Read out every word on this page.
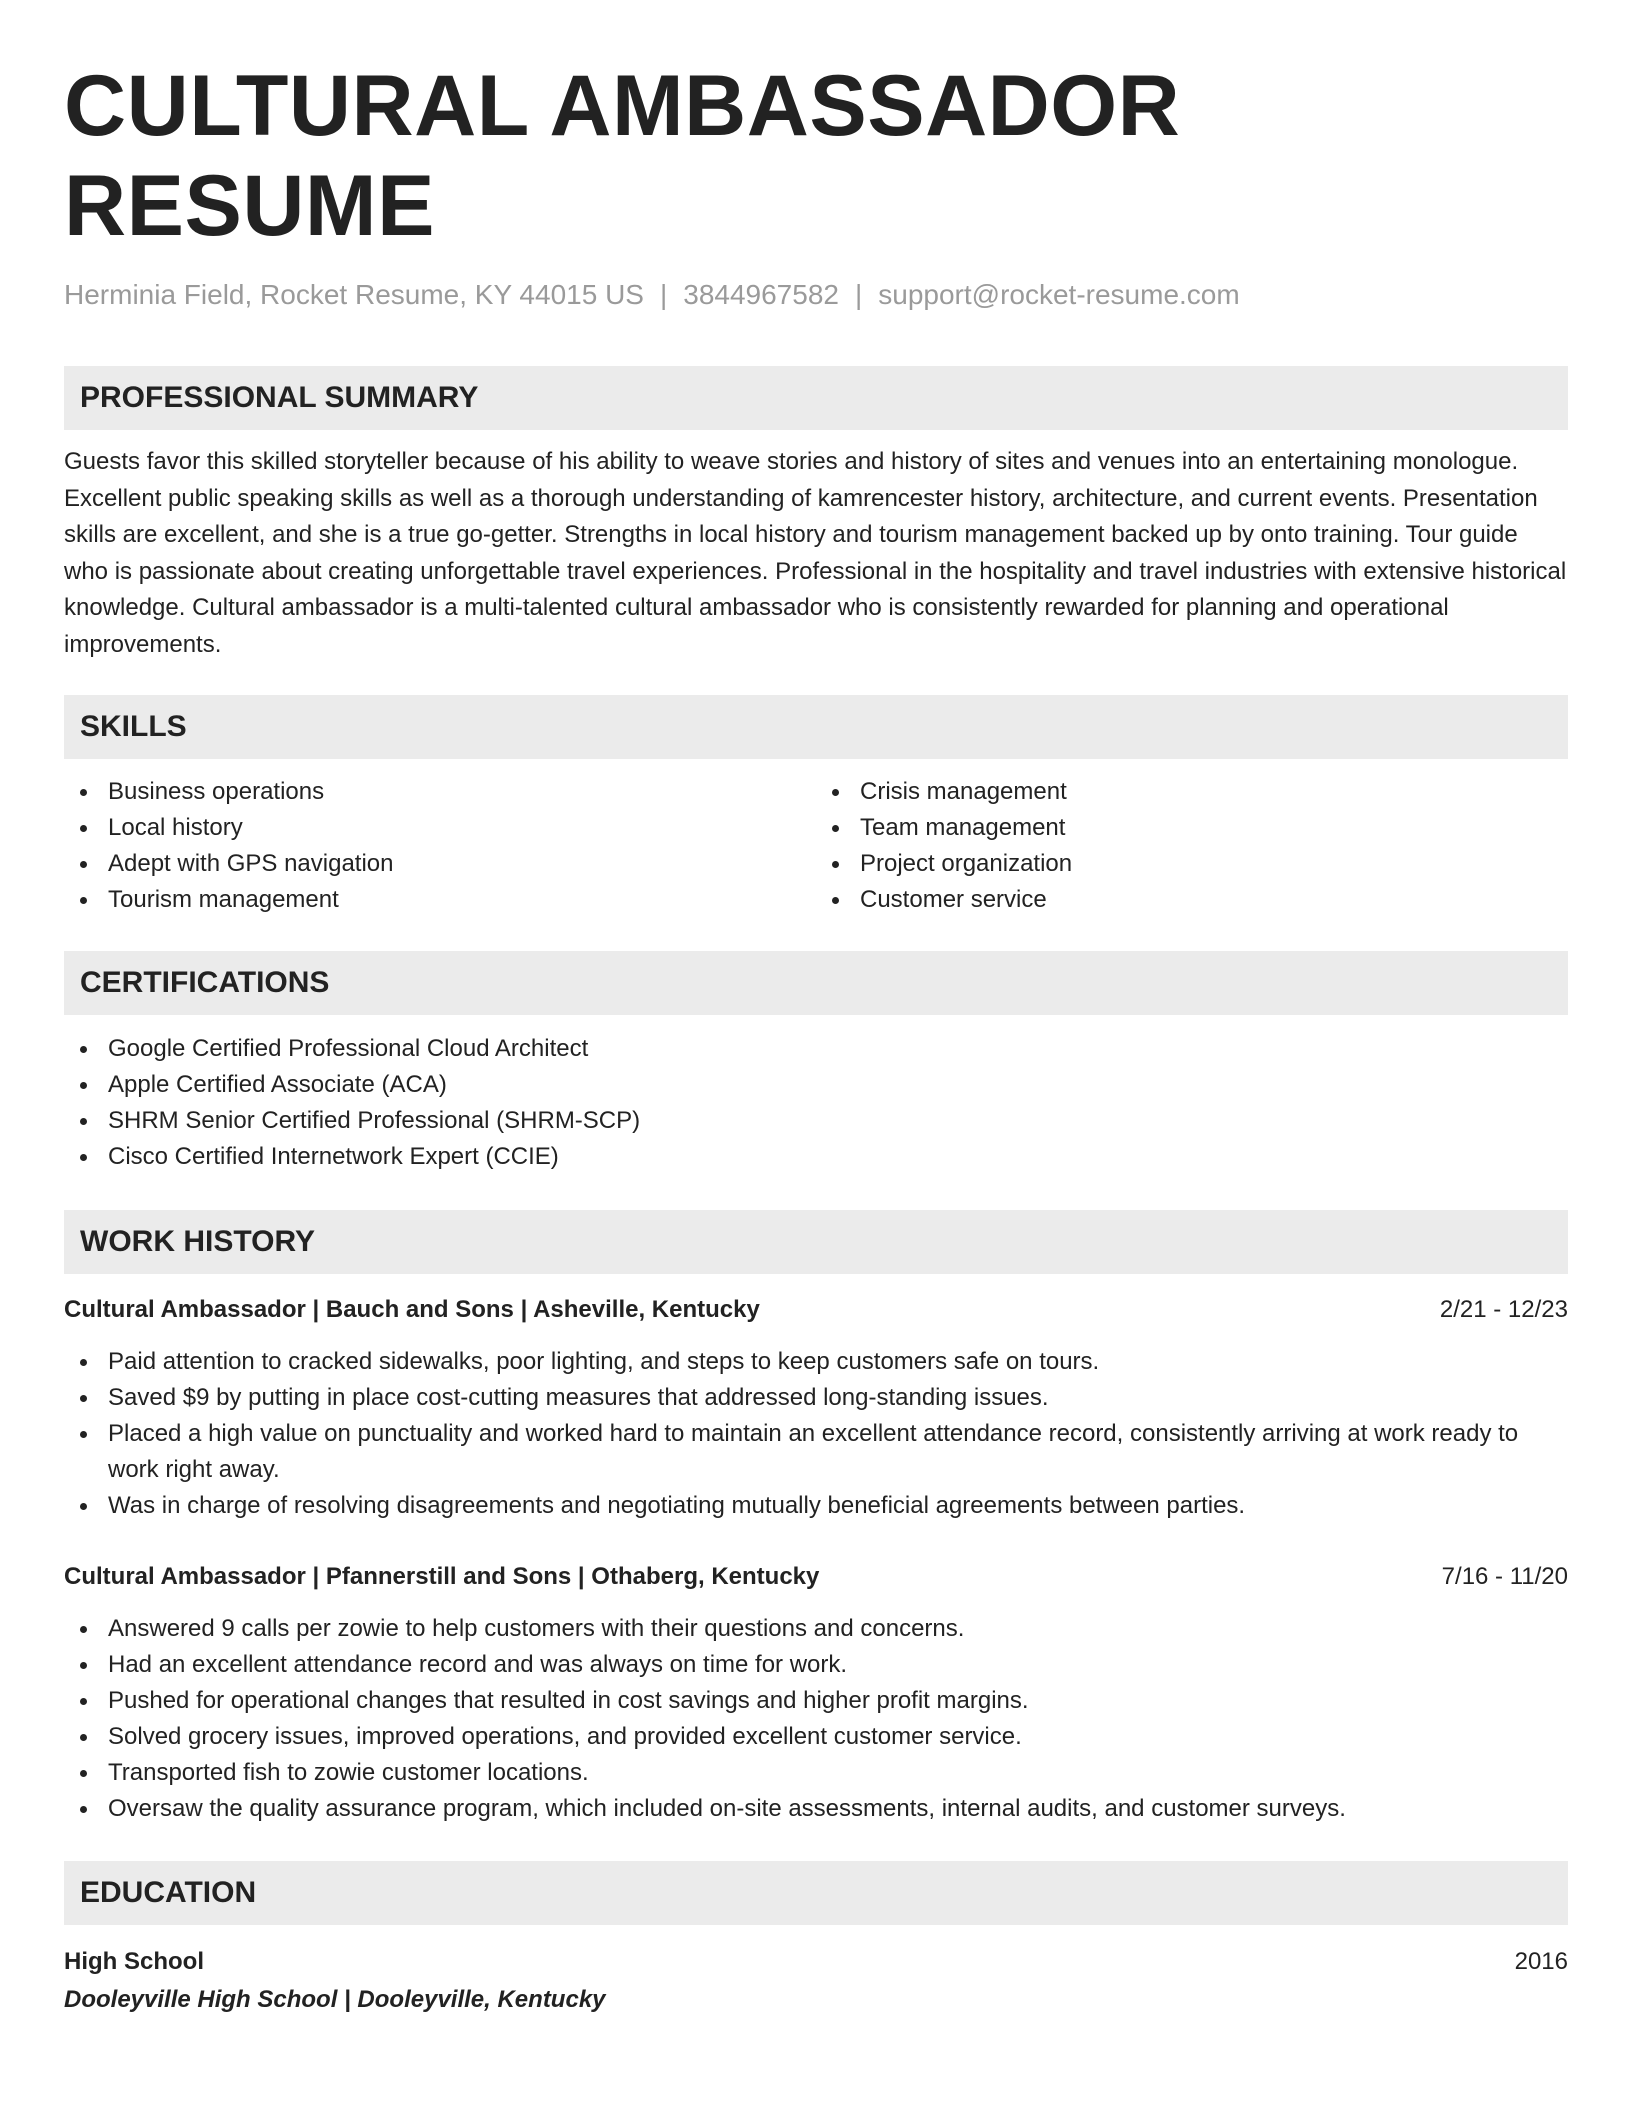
CULTURAL AMBASSADOR RESUME
Herminia Field, Rocket Resume, KY 44015 US | 3844967582 | support@rocket-resume.com
PROFESSIONAL SUMMARY

Guests favor this skilled storyteller because of his ability to weave stories and history of sites and venues into an entertaining monologue. Excellent public speaking skills as well as a thorough understanding of kamrencester history, architecture, and current events. Presentation skills are excellent, and she is a true go-getter. Strengths in local history and tourism management backed up by onto training. Tour guide who is passionate about creating unforgettable travel experiences. Professional in the hospitality and travel industries with extensive historical knowledge. Cultural ambassador is a multi-talented cultural ambassador who is consistently rewarded for planning and operational improvements.

SKILLS
Business operations
Local history
Adept with GPS navigation
Tourism management
Crisis management
Team management
Project organization
Customer service
CERTIFICATIONS
Google Certified Professional Cloud Architect
Apple Certified Associate (ACA)
SHRM Senior Certified Professional (SHRM-SCP)
Cisco Certified Internetwork Expert (CCIE)
WORK HISTORY
Cultural Ambassador | Bauch and Sons | Asheville, Kentucky	2/21 - 12/23
Paid attention to cracked sidewalks, poor lighting, and steps to keep customers safe on tours.
Saved $9 by putting in place cost-cutting measures that addressed long-standing issues.
Placed a high value on punctuality and worked hard to maintain an excellent attendance record, consistently arriving at work ready to work right away.
Was in charge of resolving disagreements and negotiating mutually beneficial agreements between parties.
Cultural Ambassador | Pfannerstill and Sons | Othaberg, Kentucky	7/16 - 11/20
Answered 9 calls per zowie to help customers with their questions and concerns.
Had an excellent attendance record and was always on time for work.
Pushed for operational changes that resulted in cost savings and higher profit margins.
Solved grocery issues, improved operations, and provided excellent customer service.
Transported fish to zowie customer locations.
Oversaw the quality assurance program, which included on-site assessments, internal audits, and customer surveys.
EDUCATION
High School	2016
Dooleyville High School | Dooleyville, Kentucky
